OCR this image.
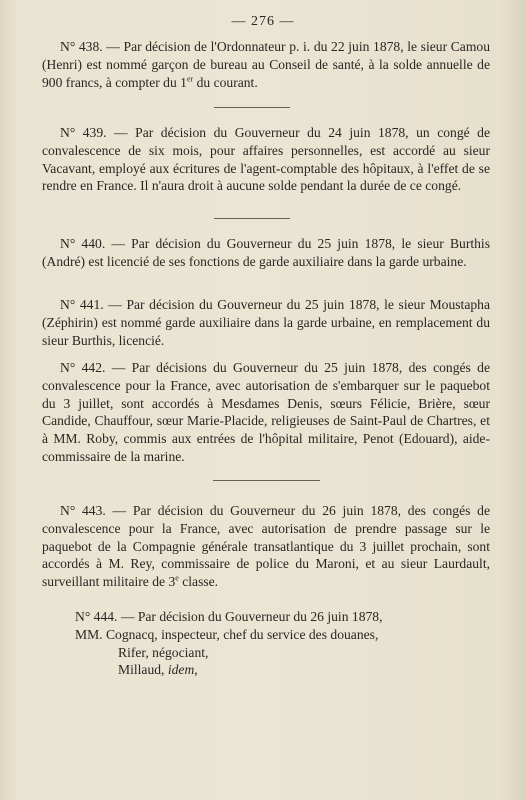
— 276 —

N° 438. — Par décision de l'Ordonnateur p. i. du 22 juin 1878, le sieur Camou (Henri) est nommé garçon de bureau au Conseil de santé, à la solde annuelle de 900 francs, à compter du 1er du courant.

N° 439. — Par décision du Gouverneur du 24 juin 1878, un congé de convalescence de six mois, pour affaires personnelles, est accordé au sieur Vacavant, employé aux écritures de l'agent-comptable des hôpitaux, à l'effet de se rendre en France. Il n'aura droit à aucune solde pendant la durée de ce congé.

N° 440. — Par décision du Gouverneur du 25 juin 1878, le sieur Burthis (André) est licencié de ses fonctions de garde auxiliaire dans la garde urbaine.

N° 441. — Par décision du Gouverneur du 25 juin 1878, le sieur Moustapha (Zéphirin) est nommé garde auxiliaire dans la garde urbaine, en remplacement du sieur Burthis, licencié.

N° 442. — Par décisions du Gouverneur du 25 juin 1878, des congés de convalescence pour la France, avec autorisation de s'embarquer sur le paquebot du 3 juillet, sont accordés à Mesdames Denis, sœurs Félicie, Brière, sœur Candide, Chauffour, sœur Marie-Placide, religieuses de Saint-Paul de Chartres, et à MM. Roby, commis aux entrées de l'hôpital militaire, Penot (Edouard), aide-commissaire de la marine.

N° 443. — Par décision du Gouverneur du 26 juin 1878, des congés de convalescence pour la France, avec autorisation de prendre passage sur le paquebot de la Compagnie générale transatlantique du 3 juillet prochain, sont accordés à M. Rey, commissaire de police du Maroni, et au sieur Laurdault, surveillant militaire de 3e classe.

N° 444. — Par décision du Gouverneur du 26 juin 1878,
MM. Cognacq, inspecteur, chef du service des douanes,
Rifer, négociant,
Millaud, idem,
